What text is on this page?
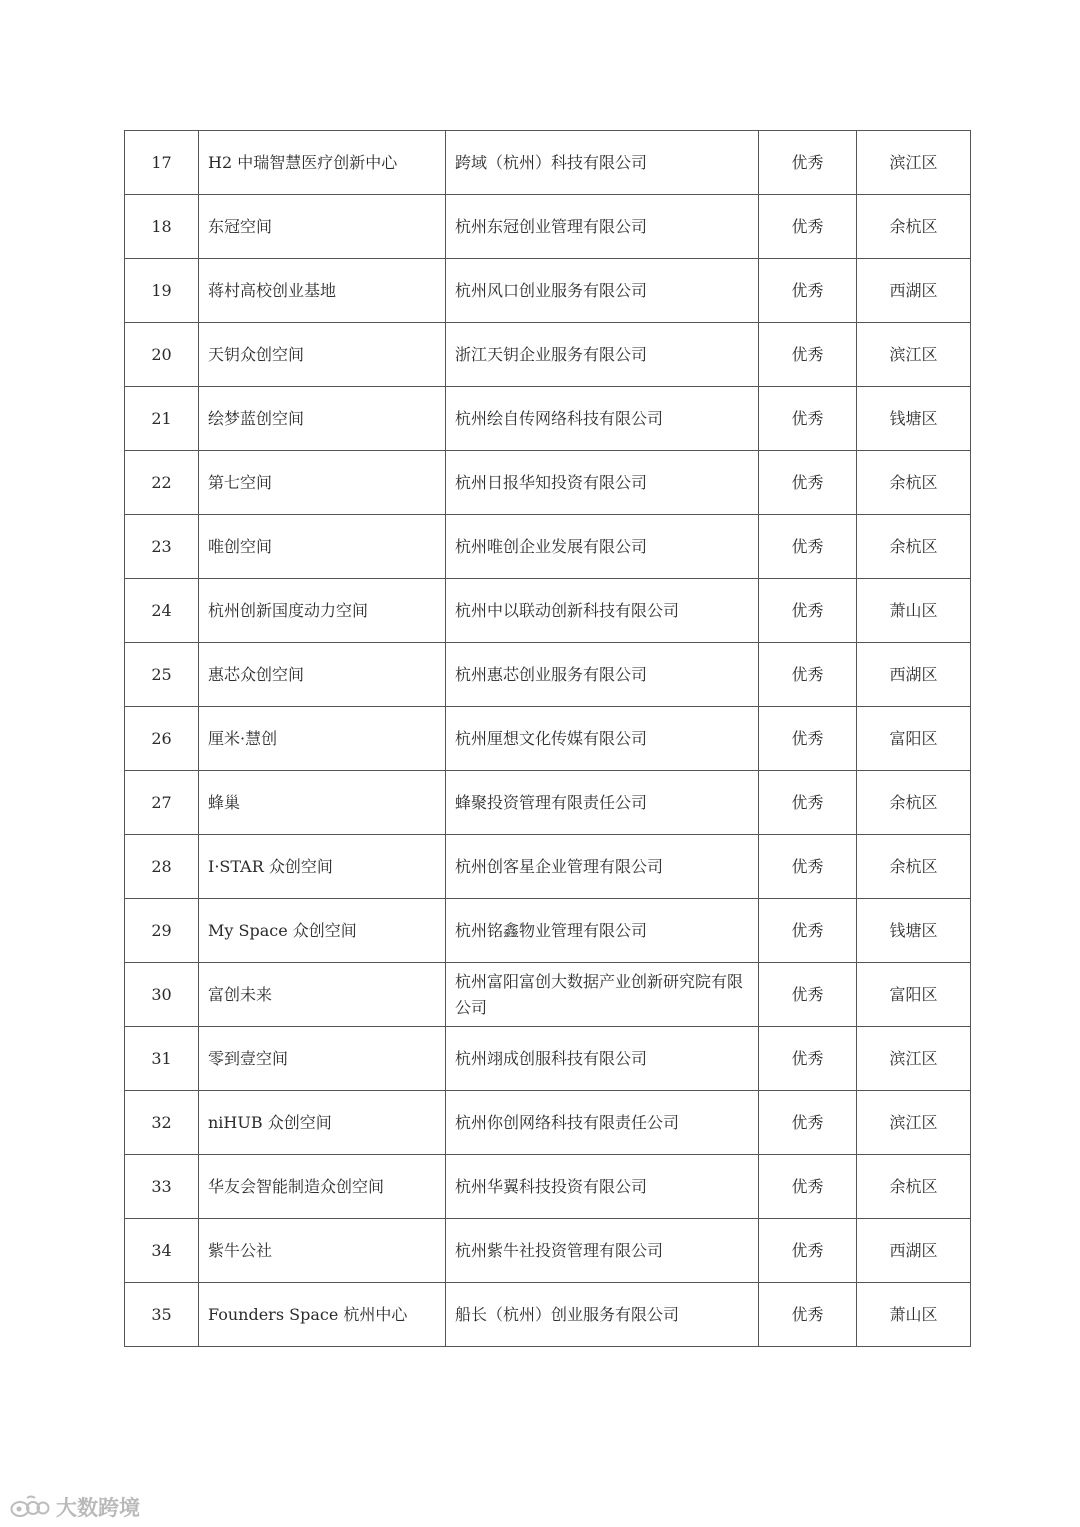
17	H2 中瑞智慧医疗创新中心	跨域（杭州）科技有限公司	优秀	滨江区
18	东冠空间	杭州东冠创业管理有限公司	优秀	余杭区
19	蒋村高校创业基地	杭州风口创业服务有限公司	优秀	西湖区
20	天钥众创空间	浙江天钥企业服务有限公司	优秀	滨江区
21	绘梦蓝创空间	杭州绘自传网络科技有限公司	优秀	钱塘区
22	第七空间	杭州日报华知投资有限公司	优秀	余杭区
23	唯创空间	杭州唯创企业发展有限公司	优秀	余杭区
24	杭州创新国度动力空间	杭州中以联动创新科技有限公司	优秀	萧山区
25	惠芯众创空间	杭州惠芯创业服务有限公司	优秀	西湖区
26	厘米·慧创	杭州厘想文化传媒有限公司	优秀	富阳区
27	蜂巢	蜂聚投资管理有限责任公司	优秀	余杭区
28	I·STAR 众创空间	杭州创客星企业管理有限公司	优秀	余杭区
29	My Space 众创空间	杭州铭鑫物业管理有限公司	优秀	钱塘区
30	富创未来	杭州富阳富创大数据产业创新研究院有限公司	优秀	富阳区
31	零到壹空间	杭州翊成创服科技有限公司	优秀	滨江区
32	niHUB 众创空间	杭州你创网络科技有限责任公司	优秀	滨江区
33	华友会智能制造众创空间	杭州华翼科技投资有限公司	优秀	余杭区
34	紫牛公社	杭州紫牛社投资管理有限公司	优秀	西湖区
35	Founders Space 杭州中心	船长（杭州）创业服务有限公司	优秀	萧山区
大数跨境
